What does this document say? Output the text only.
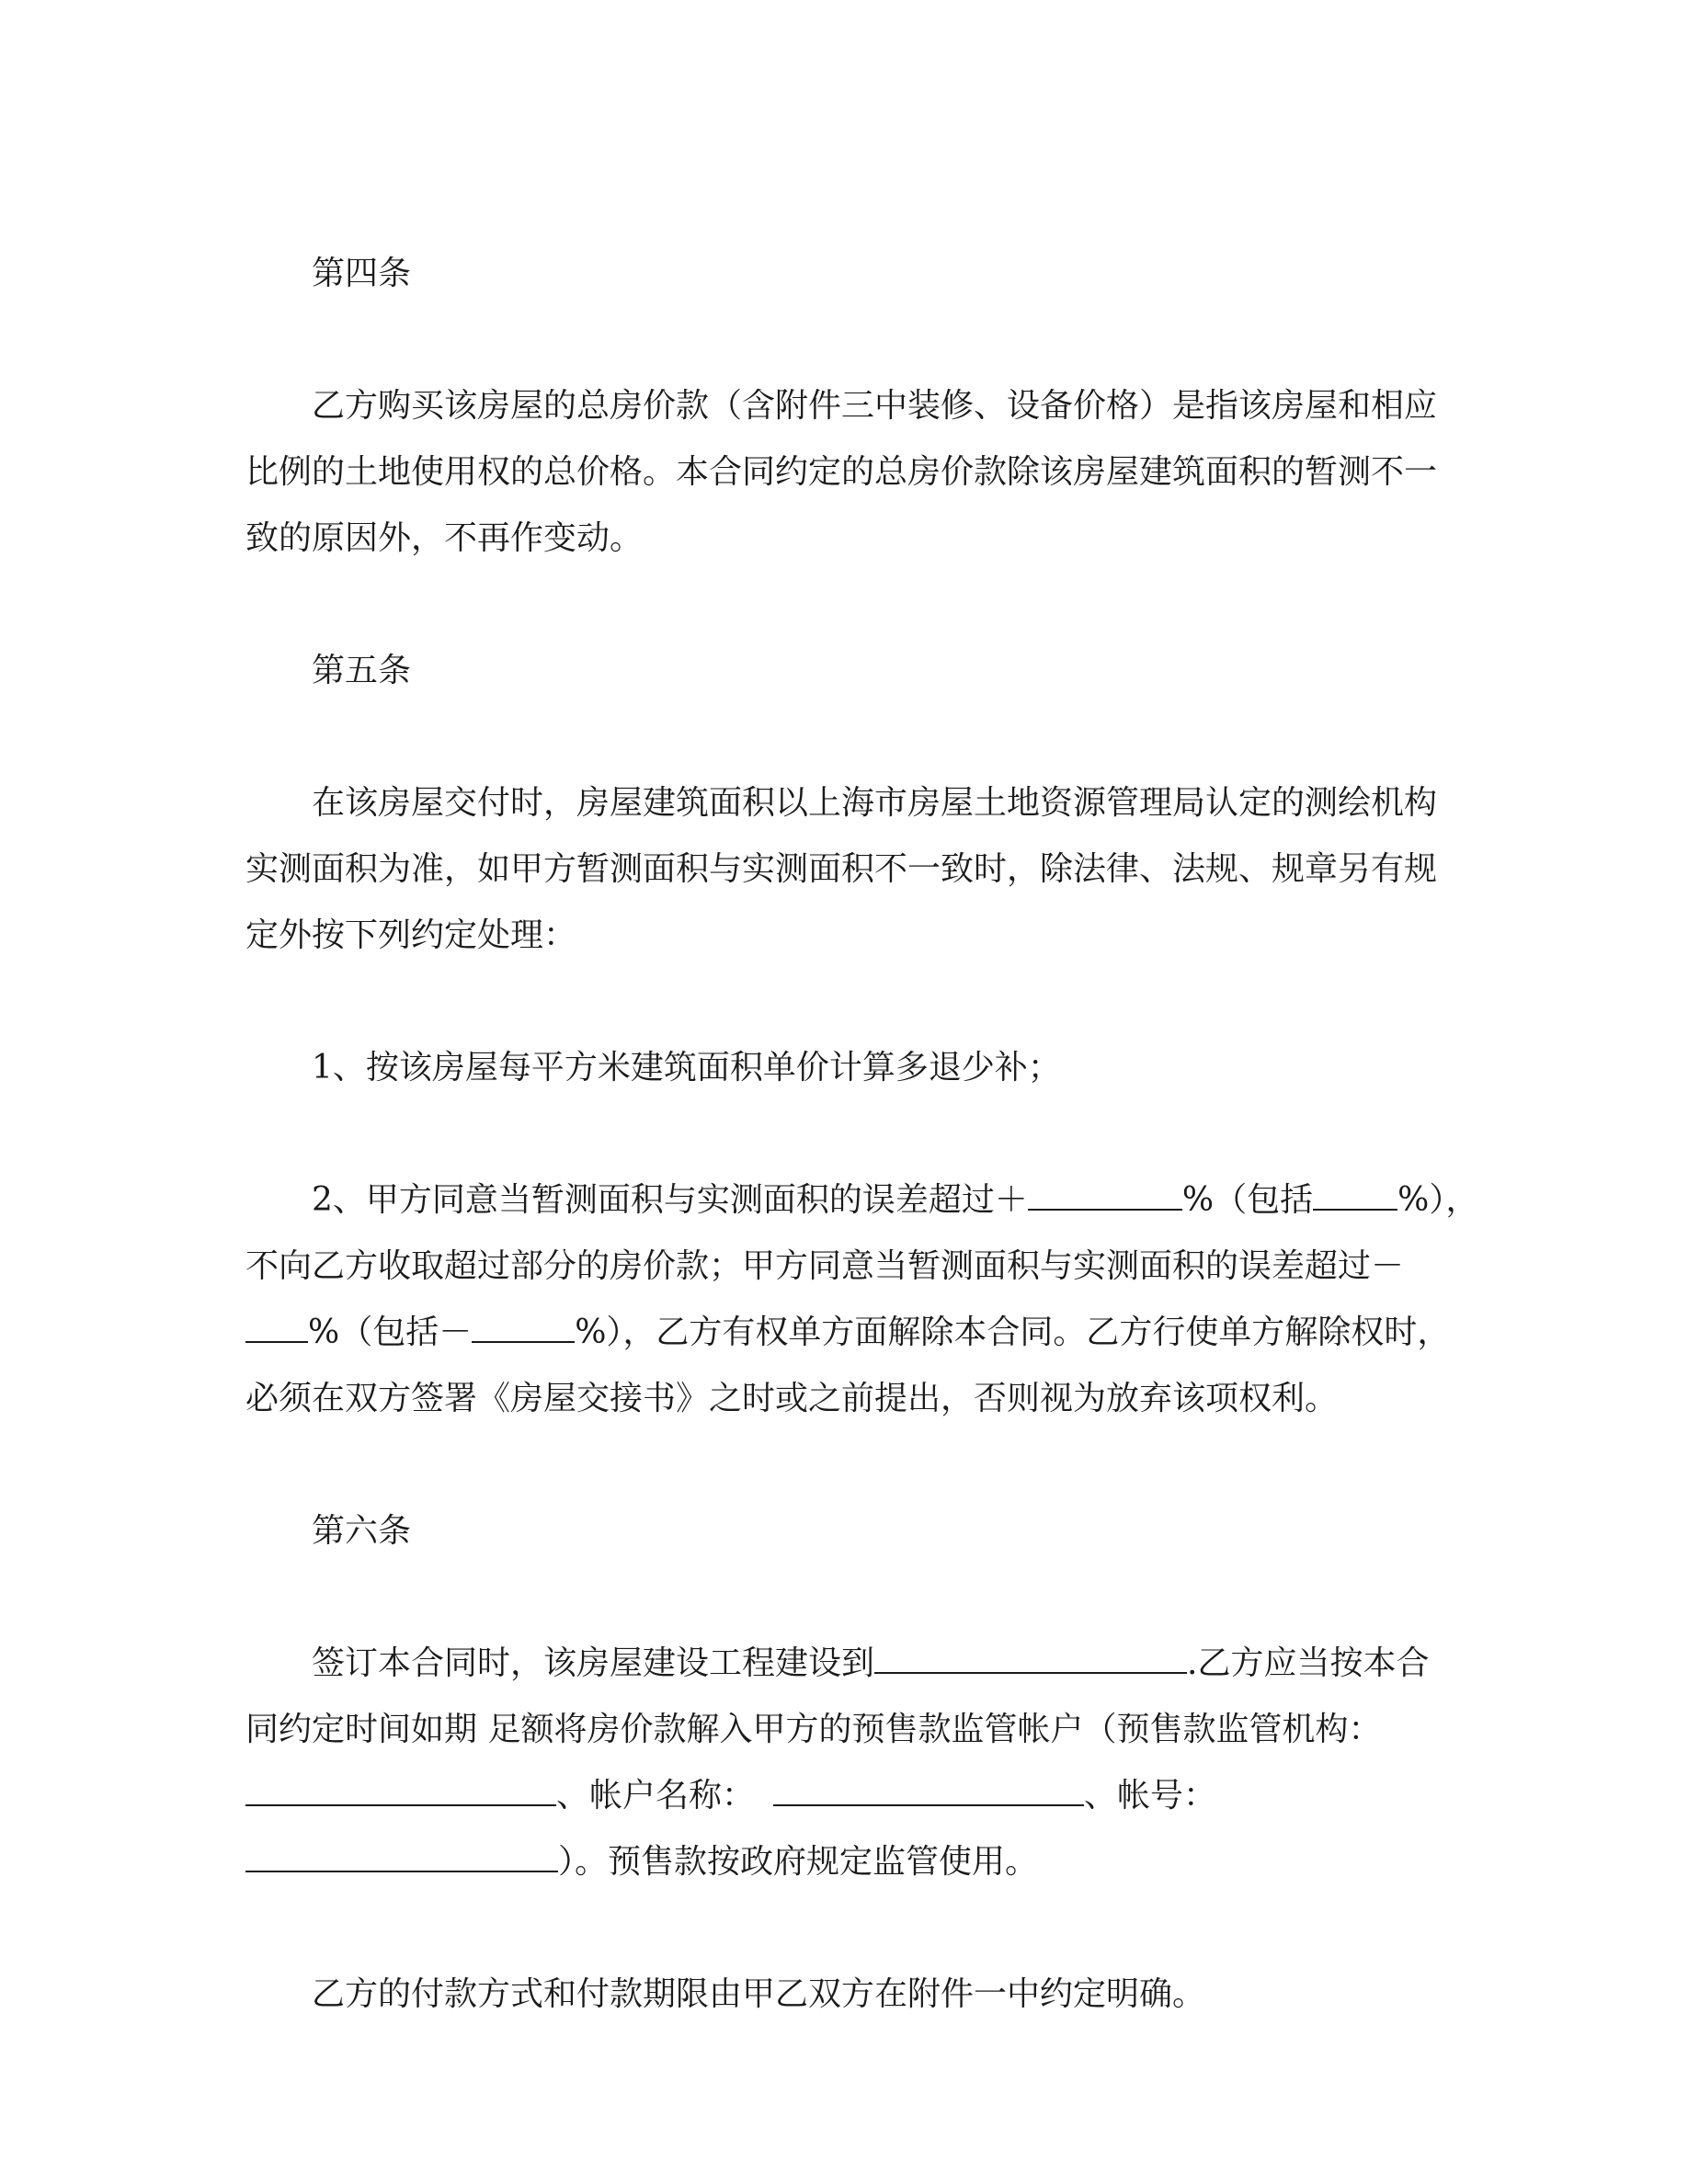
第四条
乙方购买该房屋的总房价款（含附件三中装修、设备价格）是指该房屋和相应
比例的土地使用权的总价格。本合同约定的总房价款除该房屋建筑面积的暂测不一
致的原因外，不再作变动。
第五条
在该房屋交付时，房屋建筑面积以上海市房屋土地资源管理局认定的测绘机构
实测面积为准，如甲方暂测面积与实测面积不一致时，除法律、法规、规章另有规
定外按下列约定处理：
1、按该房屋每平方米建筑面积单价计算多退少补；
2、甲方同意当暂测面积与实测面积的误差超过＋	%（包括	%），
不向乙方收取超过部分的房价款；甲方同意当暂测面积与实测面积的误差超过－
%（包括－	%），乙方有权单方面解除本合同。乙方行使单方解除权时，
必须在双方签署《房屋交接书》之时或之前提出，否则视为放弃该项权利。
第六条
签订本合同时，该房屋建设工程建设到	.乙方应当按本合
同约定时间如期 足额将房价款解入甲方的预售款监管帐户（预售款监管机构：
、帐户名称：	、帐号：
）。预售款按政府规定监管使用。
乙方的付款方式和付款期限由甲乙双方在附件一中约定明确。
